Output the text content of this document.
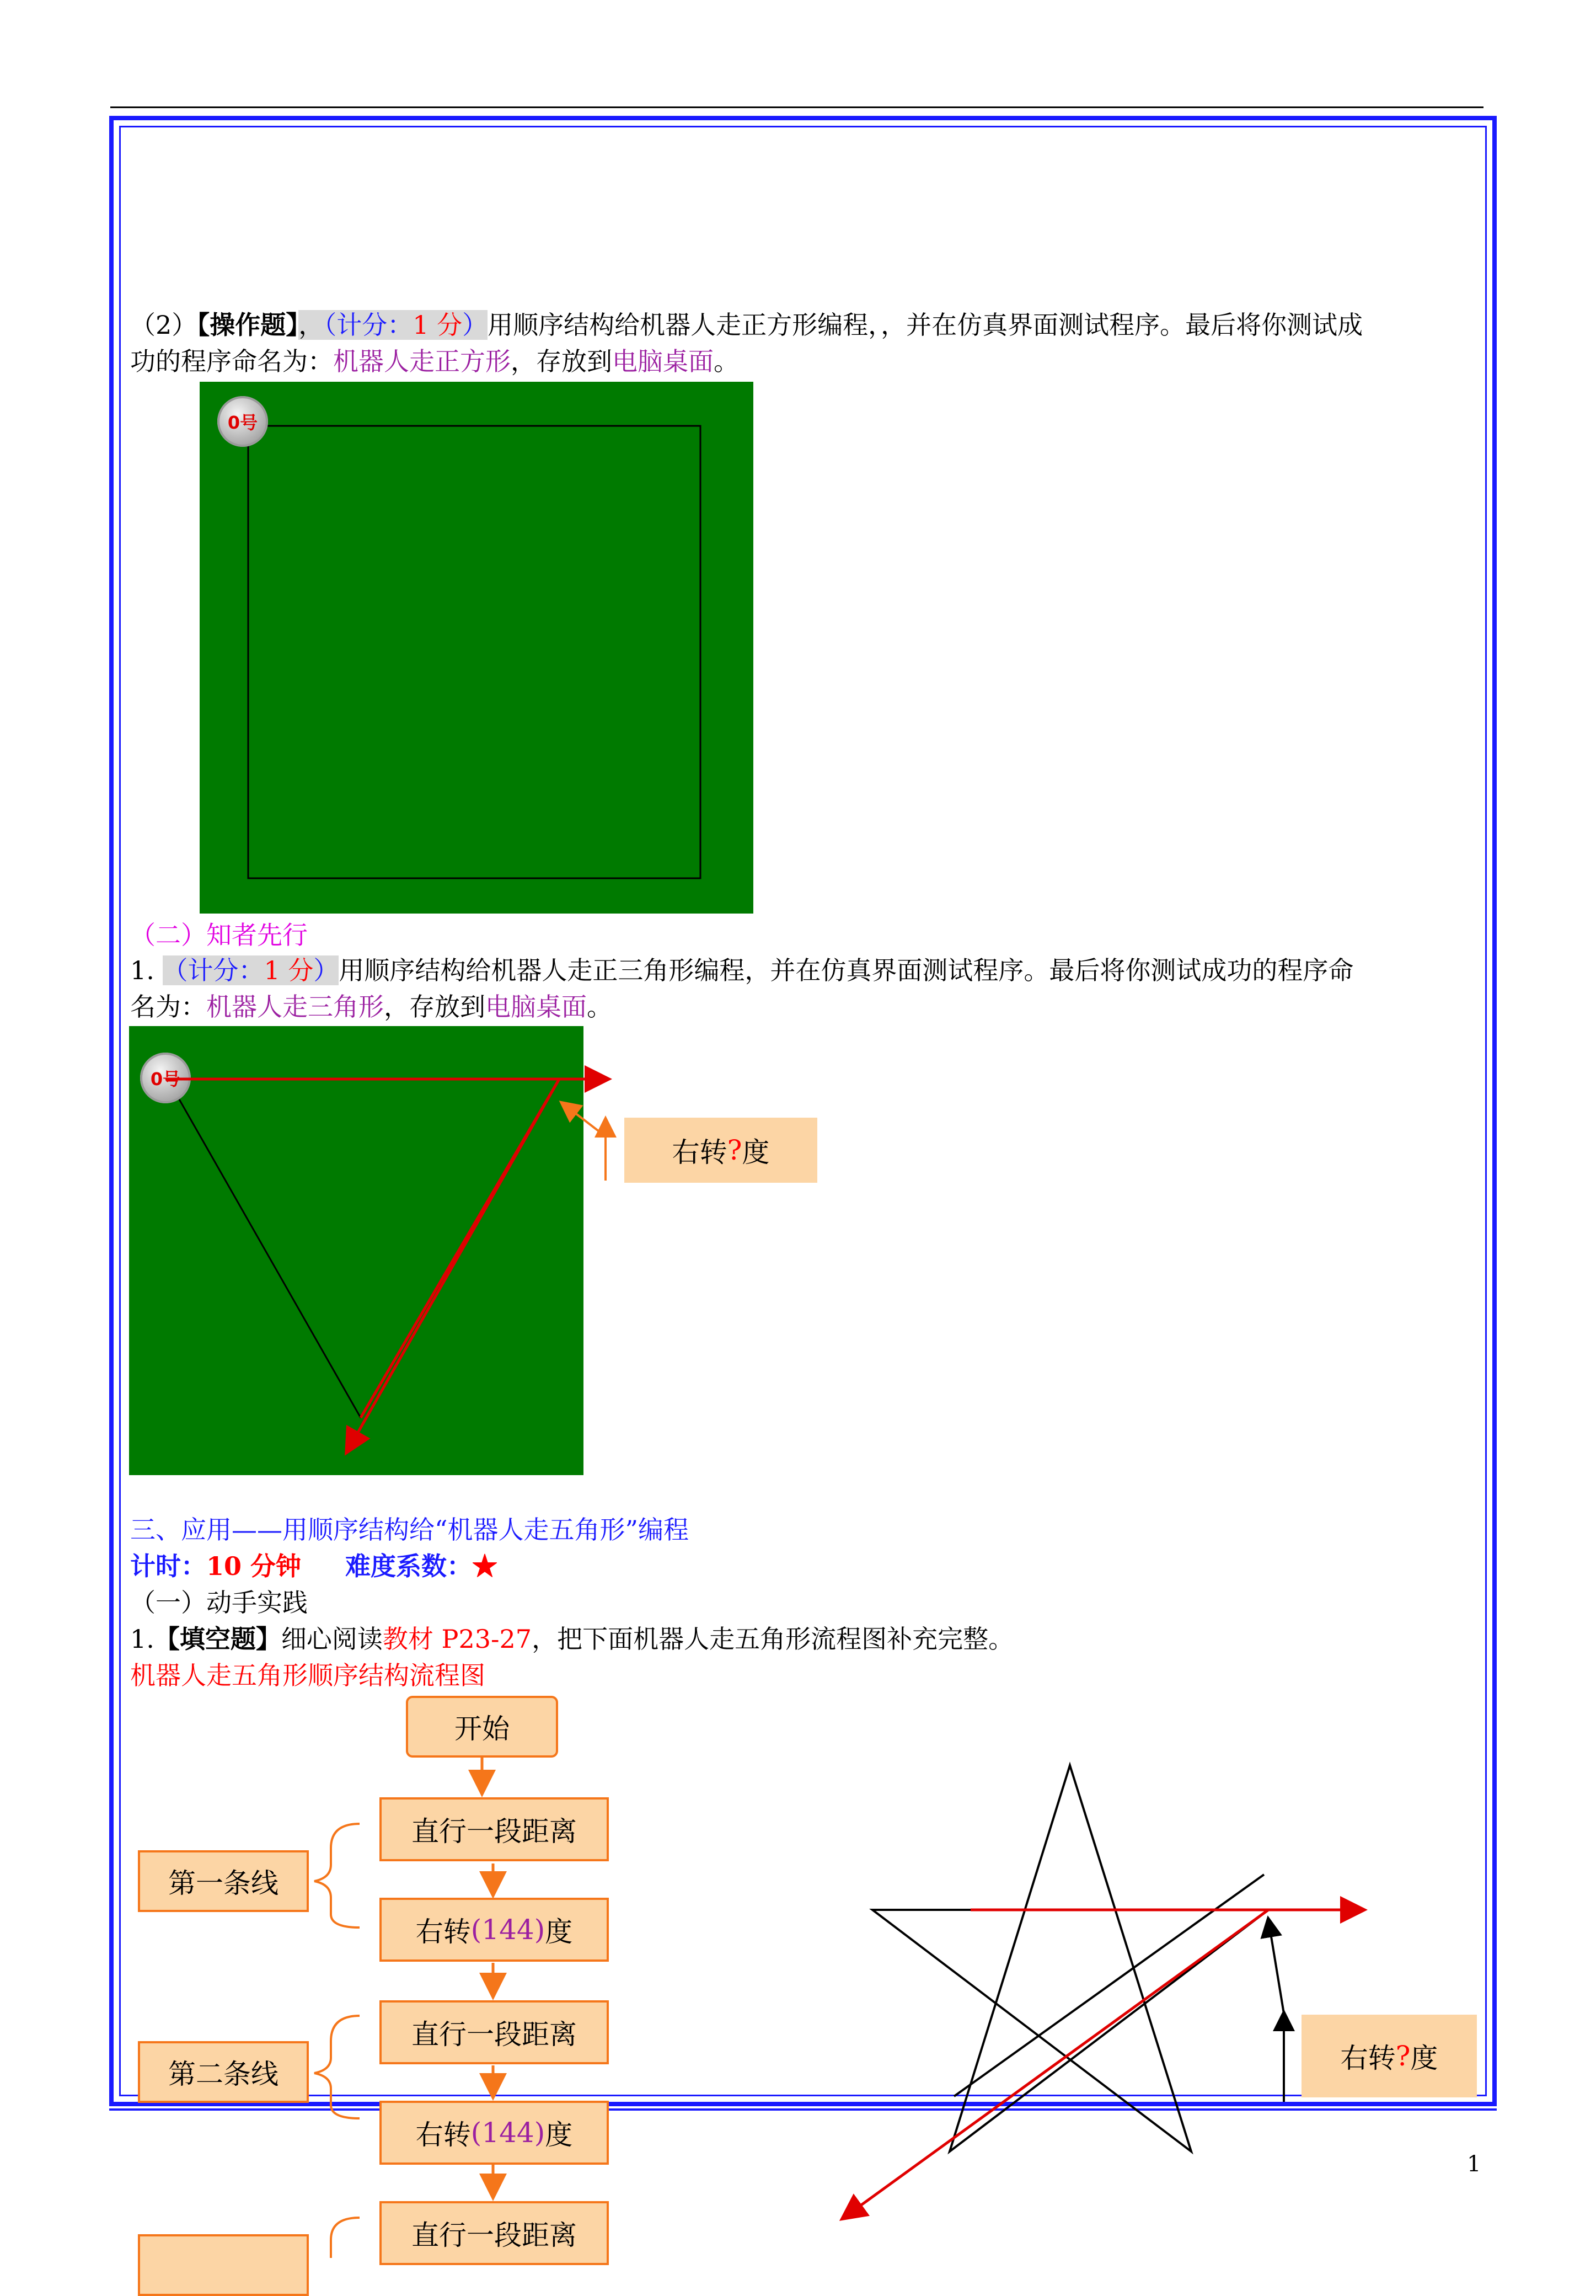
（2）【操作题】，（计分：1 分）用顺序结构给机器人走正方形编程，，并在仿真界面测试程序。最后将你测试成
功的程序命名为：机器人走正方形，存放到电脑桌面。
0号
（二）知者先行
1. （计分：1 分）用顺序结构给机器人走正三角形编程，并在仿真界面测试程序。最后将你测试成功的程序命
名为：机器人走三角形，存放到电脑桌面。
0号
右转 ? 度
三、应用——用顺序结构给“机器人走五角形”编程
计时：10 分钟 难度系数：★
（一）动手实践
1.【填空题】细心阅读教材 P23-27，把下面机器人走五角形流程图补充完整。
机器人走五角形顺序结构流程图
开始
直行一段距离
右转 (144) 度
直行一段距离
右转 (144) 度
直行一段距离
第一条线
第二条线	右转 ? 度
1
